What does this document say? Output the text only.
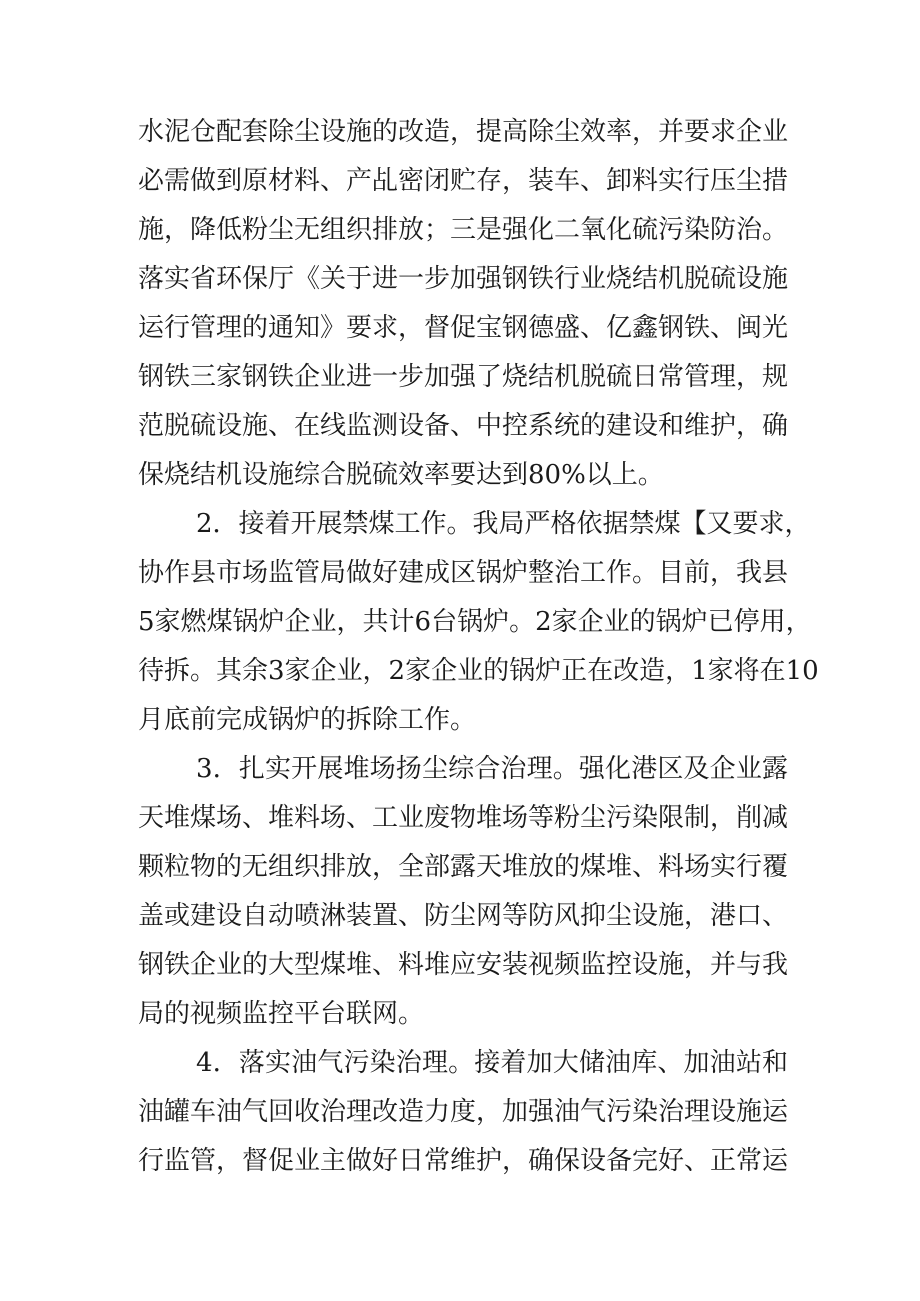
水泥仓配套除尘设施的改造，提高除尘效率，并要求企业
必需做到原材料、产乩密闭贮存，装车、卸料实行压尘措
施，降低粉尘无组织排放；三是强化二氧化硫污染防治。
落实省环保厅《关于进一步加强钢铁行业烧结机脱硫设施
运行管理的通知》要求，督促宝钢德盛、亿鑫钢铁、闽光
钢铁三家钢铁企业进一步加强了烧结机脱硫日常管理，规
范脱硫设施、在线监测设备、中控系统的建设和维护，确
保烧结机设施综合脱硫效率要达到80%以上。
2．接着开展禁煤工作。我局严格依据禁煤【又要求，
协作县市场监管局做好建成区锅炉整治工作。目前，我县
5家燃煤锅炉企业，共计6台锅炉。2家企业的锅炉已停用，
待拆。其余3家企业，2家企业的锅炉正在改造，1家将在10
月底前完成锅炉的拆除工作。
3．扎实开展堆场扬尘综合治理。强化港区及企业露
天堆煤场、堆料场、工业废物堆场等粉尘污染限制，削减
颗粒物的无组织排放，全部露天堆放的煤堆、料场实行覆
盖或建设自动喷淋装置、防尘网等防风抑尘设施，港口、
钢铁企业的大型煤堆、料堆应安装视频监控设施，并与我
局的视频监控平台联网。
4．落实油气污染治理。接着加大储油库、加油站和
油罐车油气回收治理改造力度，加强油气污染治理设施运
行监管，督促业主做好日常维护，确保设备完好、正常运
